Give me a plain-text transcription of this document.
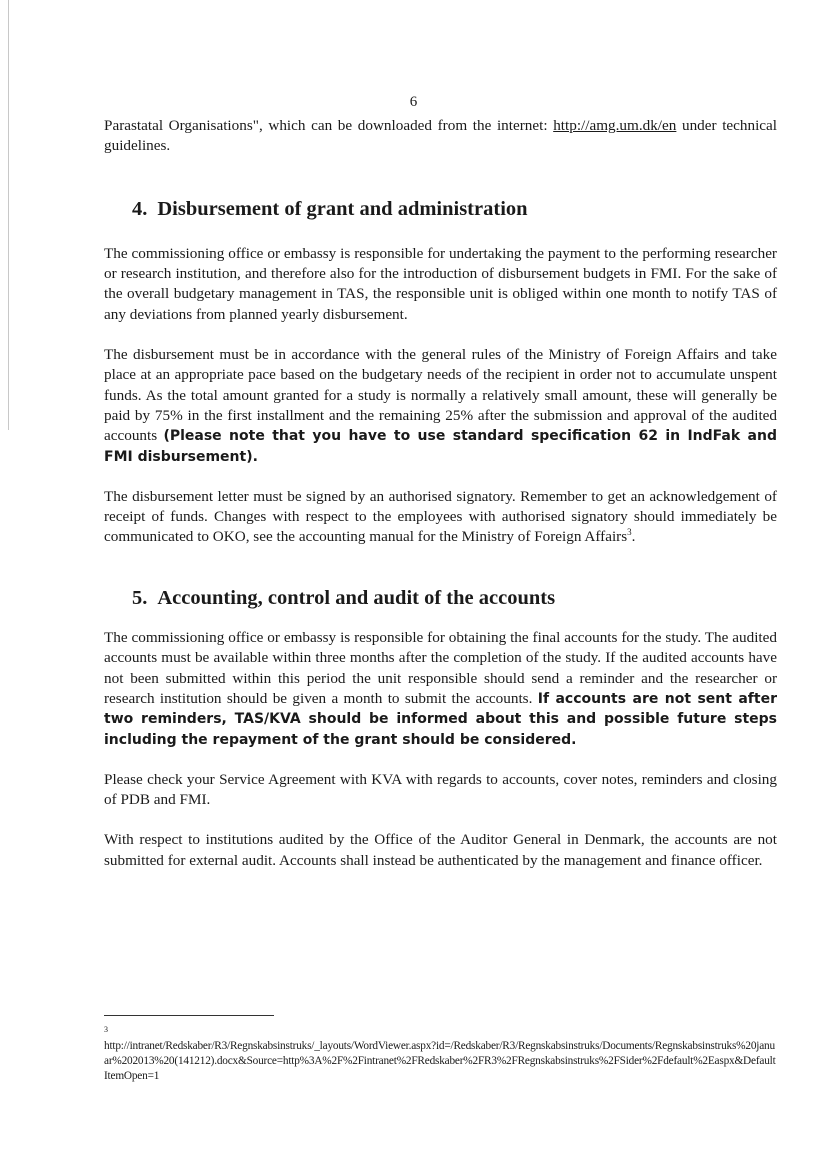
6

Parastatal Organisations", which can be downloaded from the internet: http://amg.um.dk/en under technical guidelines.

4. Disbursement of grant and administration

The commissioning office or embassy is responsible for undertaking the payment to the performing researcher or research institution, and therefore also for the introduction of disbursement budgets in FMI. For the sake of the overall budgetary management in TAS, the responsible unit is obliged within one month to notify TAS of any deviations from planned yearly disbursement.

The disbursement must be in accordance with the general rules of the Ministry of Foreign Affairs and take place at an appropriate pace based on the budgetary needs of the recipient in order not to accumulate unspent funds. As the total amount granted for a study is normally a relatively small amount, these will generally be paid by 75% in the first installment and the remaining 25% after the submission and approval of the audited accounts (Please note that you have to use standard specification 62 in IndFak and FMI disbursement).

The disbursement letter must be signed by an authorised signatory. Remember to get an acknowledgement of receipt of funds. Changes with respect to the employees with authorised signatory should immediately be communicated to OKO, see the accounting manual for the Ministry of Foreign Affairs$^3$.

5. Accounting, control and audit of the accounts

The commissioning office or embassy is responsible for obtaining the final accounts for the study. The audited accounts must be available within three months after the completion of the study. If the audited accounts have not been submitted within this period the unit responsible should send a reminder and the researcher or research institution should be given a month to submit the accounts. If accounts are not sent after two reminders, TAS/KVA should be informed about this and possible future steps including the repayment of the grant should be considered.

Please check your Service Agreement with KVA with regards to accounts, cover notes, reminders and closing of PDB and FMI.

With respect to institutions audited by the Office of the Auditor General in Denmark, the accounts are not submitted for external audit. Accounts shall instead be authenticated by the management and finance officer.

3
http://intranet/Redskaber/R3/Regnskabsinstruks/_layouts/WordViewer.aspx?id=/Redskaber/R3/Regnskabsinstruks/Documents/Regnskabsinstruks%20januar%202013%20(141212).docx&Source=http%3A%2F%2Fintranet%2FRedskaber%2FR3%2FRegnskabsinstruks%2FSider%2Fdefault%2Easpx&DefaultItemOpen=1
